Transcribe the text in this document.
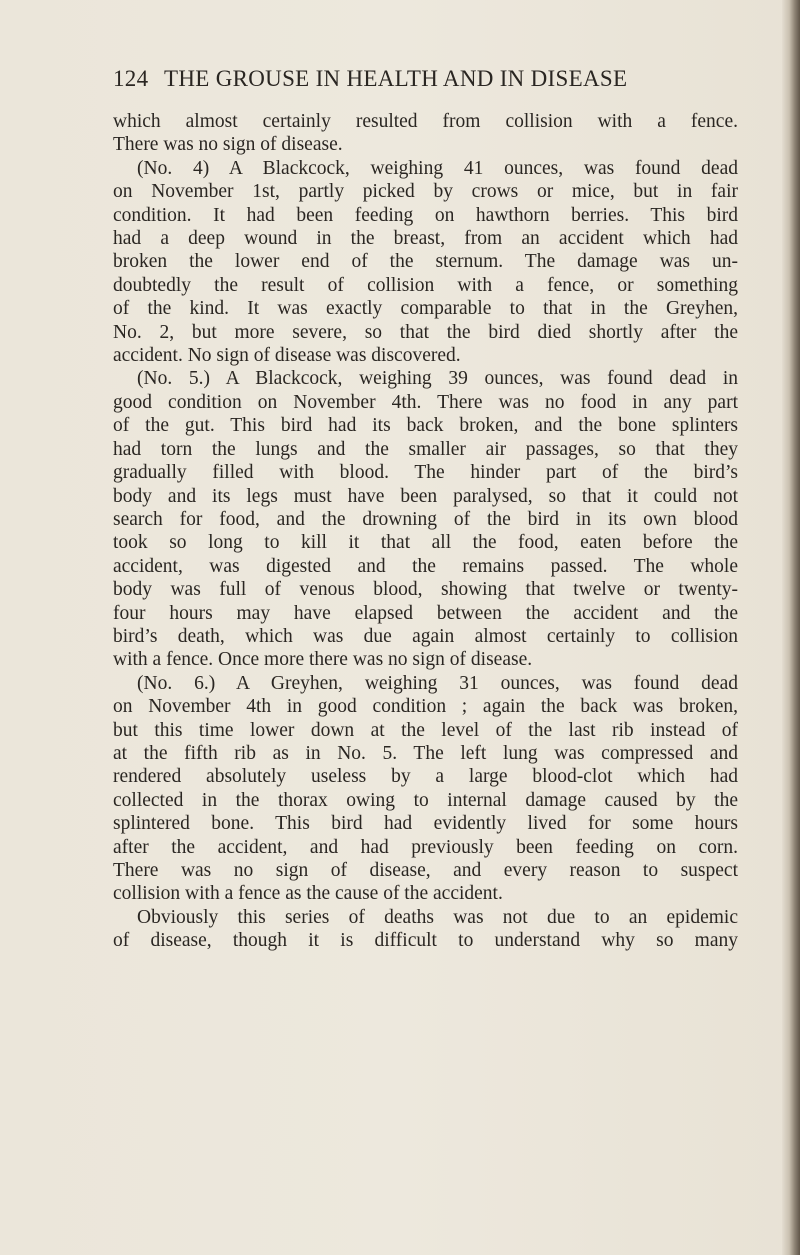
124 THE GROUSE IN HEALTH AND IN DISEASE
which almost certainly resulted from collision with a fence.
There was no sign of disease.
(No. 4) A Blackcock, weighing 41 ounces, was found dead
on November 1st, partly picked by crows or mice, but in fair
condition. It had been feeding on hawthorn berries. This bird
had a deep wound in the breast, from an accident which had
broken the lower end of the sternum. The damage was un-
doubtedly the result of collision with a fence, or something
of the kind. It was exactly comparable to that in the Greyhen,
No. 2, but more severe, so that the bird died shortly after the
accident. No sign of disease was discovered.
(No. 5.) A Blackcock, weighing 39 ounces, was found dead in
good condition on November 4th. There was no food in any part
of the gut. This bird had its back broken, and the bone splinters
had torn the lungs and the smaller air passages, so that they
gradually filled with blood. The hinder part of the bird’s
body and its legs must have been paralysed, so that it could not
search for food, and the drowning of the bird in its own blood
took so long to kill it that all the food, eaten before the
accident, was digested and the remains passed. The whole
body was full of venous blood, showing that twelve or twenty-
four hours may have elapsed between the accident and the
bird’s death, which was due again almost certainly to collision
with a fence. Once more there was no sign of disease.
(No. 6.) A Greyhen, weighing 31 ounces, was found dead
on November 4th in good condition ; again the back was broken,
but this time lower down at the level of the last rib instead of
at the fifth rib as in No. 5. The left lung was compressed and
rendered absolutely useless by a large blood-clot which had
collected in the thorax owing to internal damage caused by the
splintered bone. This bird had evidently lived for some hours
after the accident, and had previously been feeding on corn.
There was no sign of disease, and every reason to suspect
collision with a fence as the cause of the accident.
Obviously this series of deaths was not due to an epidemic
of disease, though it is difficult to understand why so many
